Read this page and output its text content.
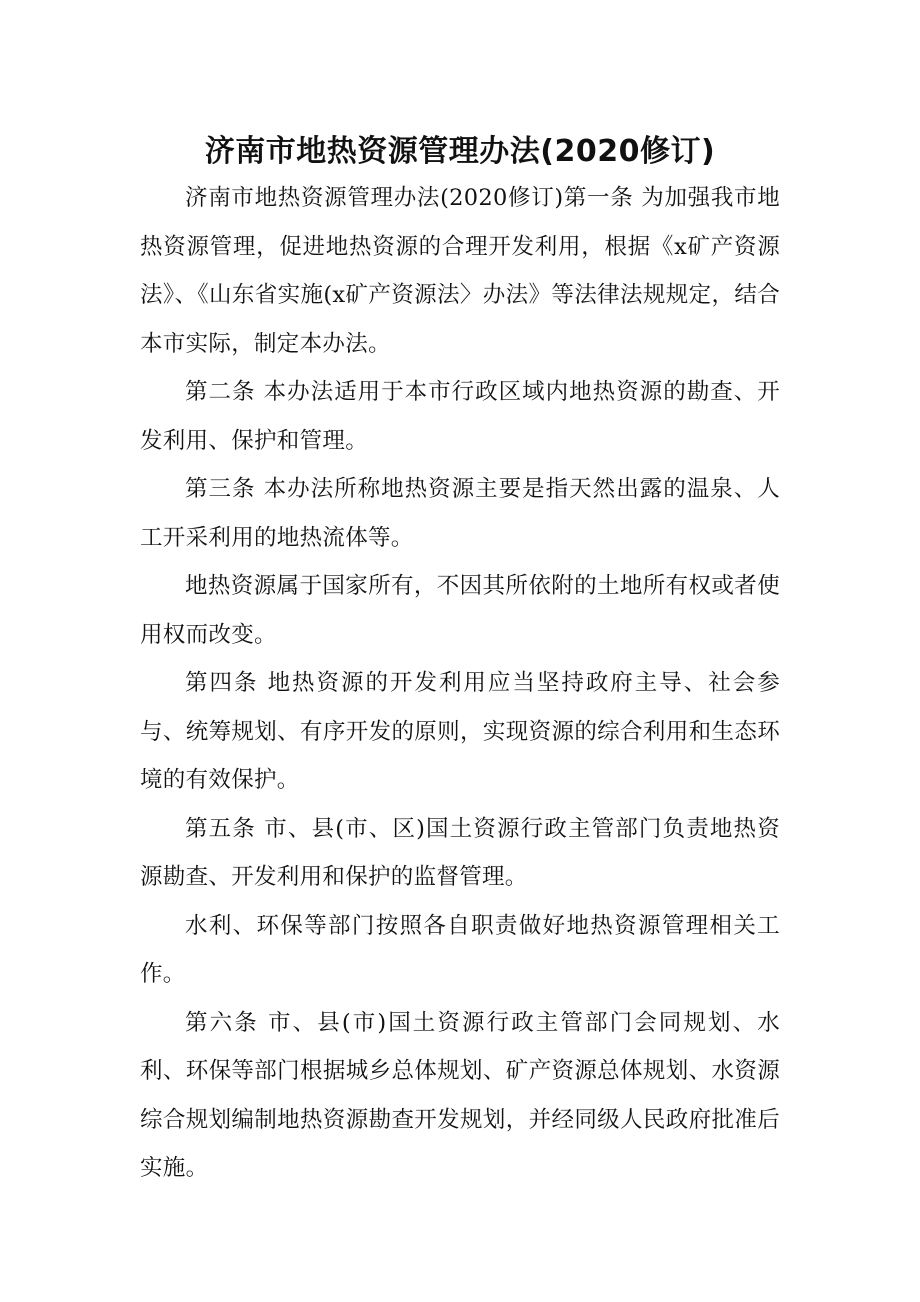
济南市地热资源管理办法(2020修订)

济南市地热资源管理办法(2020修订)第一条 为加强我市地热资源管理，促进地热资源的合理开发利用，根据《x矿产资源法》、《山东省实施(x矿产资源法〉办法》等法律法规规定，结合本市实际，制定本办法。

第二条 本办法适用于本市行政区域内地热资源的勘查、开发利用、保护和管理。

第三条 本办法所称地热资源主要是指天然出露的温泉、人工开采利用的地热流体等。

地热资源属于国家所有，不因其所依附的土地所有权或者使用权而改变。

第四条 地热资源的开发利用应当坚持政府主导、社会参与、统筹规划、有序开发的原则，实现资源的综合利用和生态环境的有效保护。

第五条 市、县(市、区)国土资源行政主管部门负责地热资源勘查、开发利用和保护的监督管理。

水利、环保等部门按照各自职责做好地热资源管理相关工作。

第六条 市、县(市)国土资源行政主管部门会同规划、水利、环保等部门根据城乡总体规划、矿产资源总体规划、水资源综合规划编制地热资源勘查开发规划，并经同级人民政府批准后实施。
